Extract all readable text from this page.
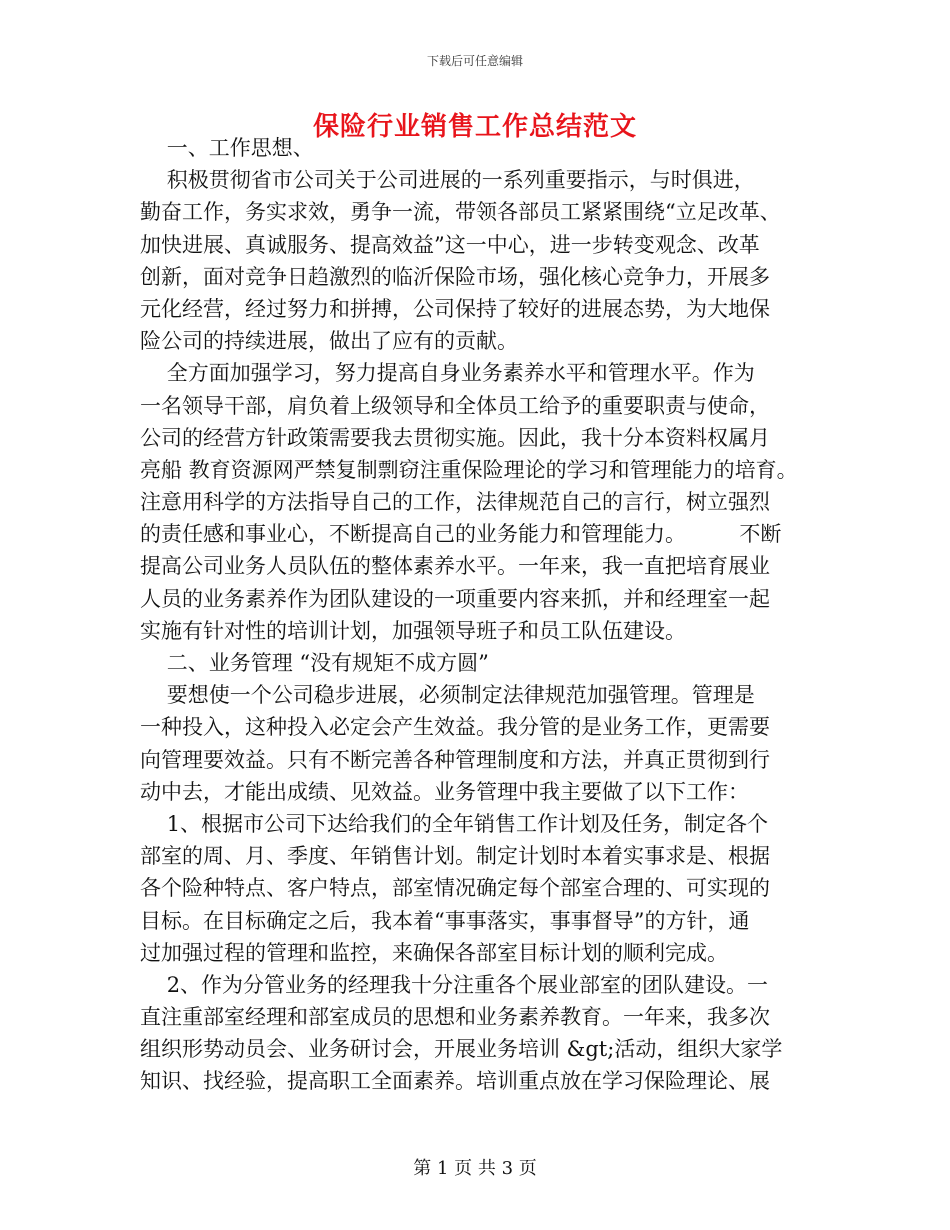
下载后可任意编辑
保险行业销售工作总结范文
一、工作思想、
积极贯彻省市公司关于公司进展的一系列重要指示，与时俱进，
勤奋工作，务实求效，勇争一流，带领各部员工紧紧围绕“立足改革、
加快进展、真诚服务、提高效益”这一中心，进一步转变观念、改革
创新，面对竞争日趋激烈的临沂保险市场，强化核心竞争力，开展多
元化经营，经过努力和拼搏，公司保持了较好的进展态势，为大地保
险公司的持续进展，做出了应有的贡献。
全方面加强学习，努力提高自身业务素养水平和管理水平。作为
一名领导干部，肩负着上级领导和全体员工给予的重要职责与使命，
公司的经营方针政策需要我去贯彻实施。因此，我十分本资料权属月
亮船 教育资源网严禁复制剽窃注重保险理论的学习和管理能力的培育。
注意用科学的方法指导自己的工作，法律规范自己的言行，树立强烈
的责任感和事业心，不断提高自己的业务能力和管理能力。        不断
提高公司业务人员队伍的整体素养水平。一年来，我一直把培育展业
人员的业务素养作为团队建设的一项重要内容来抓，并和经理室一起
实施有针对性的培训计划，加强领导班子和员工队伍建设。
二、业务管理 “没有规矩不成方圆”
要想使一个公司稳步进展，必须制定法律规范加强管理。管理是
一种投入，这种投入必定会产生效益。我分管的是业务工作，更需要
向管理要效益。只有不断完善各种管理制度和方法，并真正贯彻到行
动中去，才能出成绩、见效益。业务管理中我主要做了以下工作：
1、根据市公司下达给我们的全年销售工作计划及任务，制定各个
部室的周、月、季度、年销售计划。制定计划时本着实事求是、根据
各个险种特点、客户特点，部室情况确定每个部室合理的、可实现的
目标。在目标确定之后，我本着“事事落实，事事督导”的方针，通
过加强过程的管理和监控，来确保各部室目标计划的顺利完成。
2、作为分管业务的经理我十分注重各个展业部室的团队建设。一
直注重部室经理和部室成员的思想和业务素养教育。一年来，我多次
组织形势动员会、业务研讨会，开展业务培训 &gt;活动，组织大家学
知识、找经验，提高职工全面素养。培训重点放在学习保险理论、展
第 1 页 共 3 页
